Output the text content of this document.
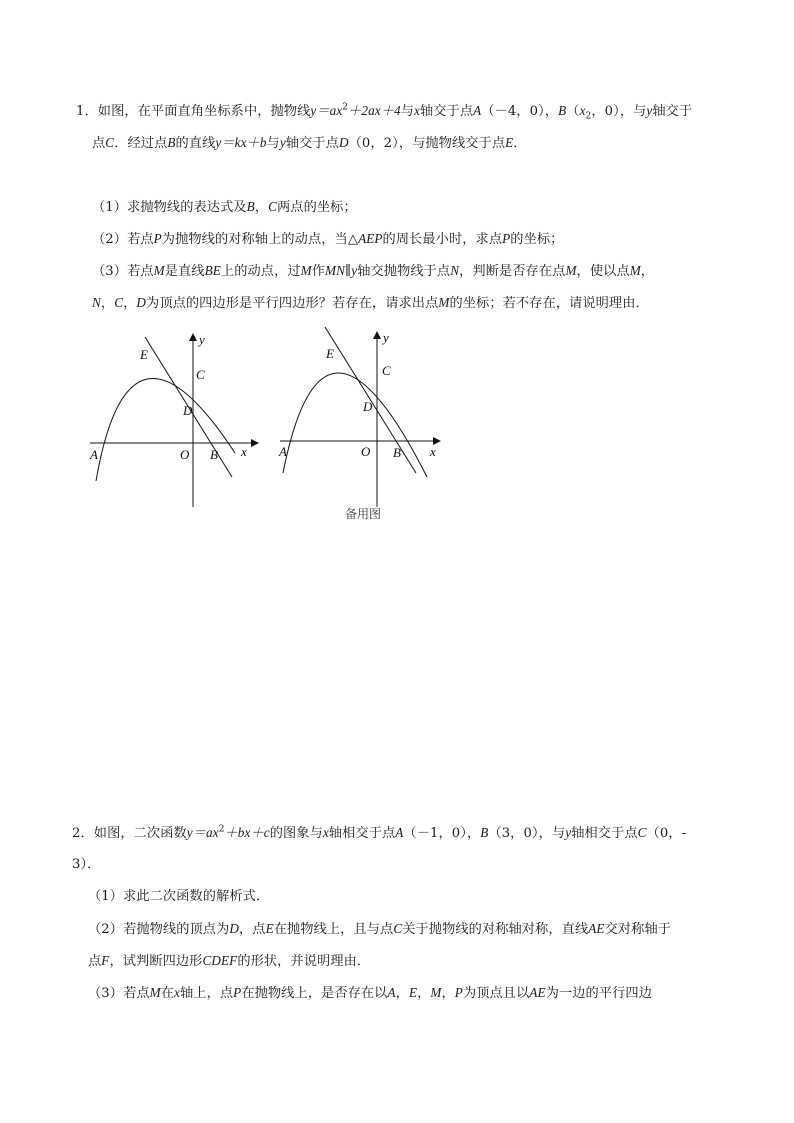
1．如图，在平面直角坐标系中，抛物线$y=ax^2+2ax+4$与x轴交于点A（－4，0），$B(x_2$，0），与y轴交于
点C．经过点B的直线y＝kx＋b与y轴交于点D（0，2），与抛物线交于点E．
（1）求抛物线的表达式及B，C两点的坐标；
（2）若点P为抛物线的对称轴上的动点，当△AEP的周长最小时，求点P的坐标；
（3）若点M是直线BE上的动点，过M作MN∥y轴交抛物线于点N，判断是否存在点M，使以点M，
N，C，D为顶点的四边形是平行四边形？若存在，请求出点M的坐标；若不存在，请说明理由．
y
E
C
D
A	O B x
y
E
C
D
A	O B x
备用图
2．如图，二次函数$y=ax^2+bx+c$的图象与x轴相交于点A（－1，0），B（3，0），与y轴相交于点C（0，-
3）．
（1）求此二次函数的解析式．
（2）若抛物线的顶点为D，点E在抛物线上，且与点C关于抛物线的对称轴对称，直线AE交对称轴于
点F，试判断四边形CDEF的形状，并说明理由．
（3）若点M在x轴上，点P在抛物线上，是否存在以A，E，M，P为顶点且以AE为一边的平行四边
